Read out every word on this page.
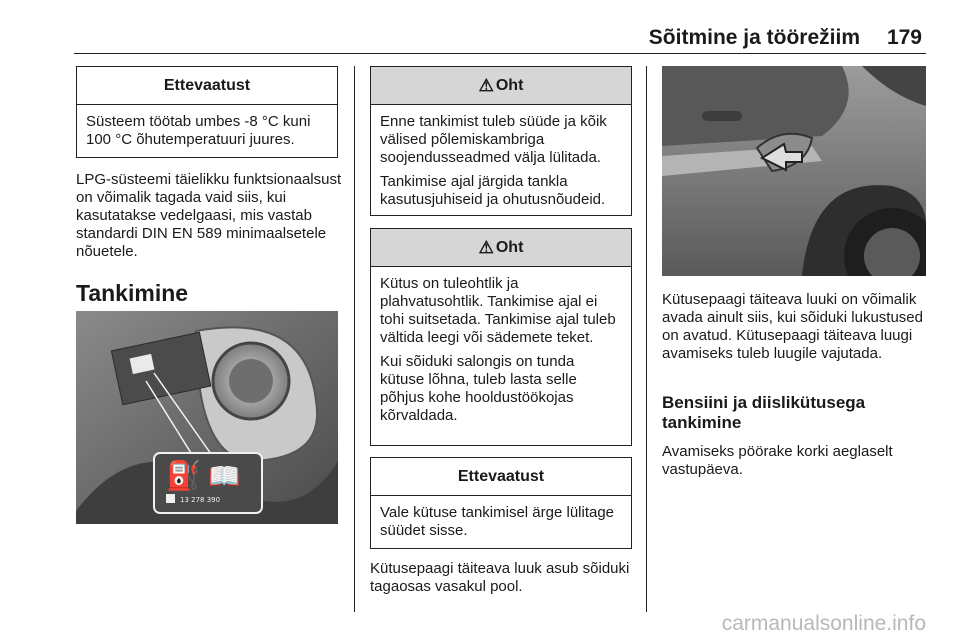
Sõitmine ja töörežiim	179
Ettevaatust

Süsteem töötab umbes -8 °C kuni 100 °C õhutemperatuuri juures.

LPG-süsteemi täielikku funktsionaalsust on võimalik tagada vaid siis, kui kasutatakse vedelgaasi, mis vastab standardi DIN EN 589 minimaalsetele nõuetele.

Tankimine
⛽ 📖
13 278 390
⚠ Oht

Enne tankimist tuleb süüde ja kõik välised põlemiskambriga soojendusseadmed välja lülitada.

Tankimise ajal järgida tankla kasutusjuhiseid ja ohutusnõudeid.

⚠ Oht

Kütus on tuleohtlik ja plahvatusohtlik. Tankimise ajal ei tohi suitsetada. Tankimise ajal tuleb vältida leegi või sädemete teket.

Kui sõiduki salongis on tunda kütuse lõhna, tuleb lasta selle põhjus kohe hooldustöökojas kõrvaldada.

Ettevaatust

Vale kütuse tankimisel ärge lülitage süüdet sisse.

Kütusepaagi täiteava luuk asub sõiduki tagaosas vasakul pool.

Kütusepaagi täiteava luuki on võimalik avada ainult siis, kui sõiduki lukustused on avatud. Kütusepaagi täiteava luugi avamiseks tuleb luugile vajutada.

Bensiini ja diislikütusega tankimine

Avamiseks pöörake korki aeglaselt vastupäeva.

carmanualsonline.info
